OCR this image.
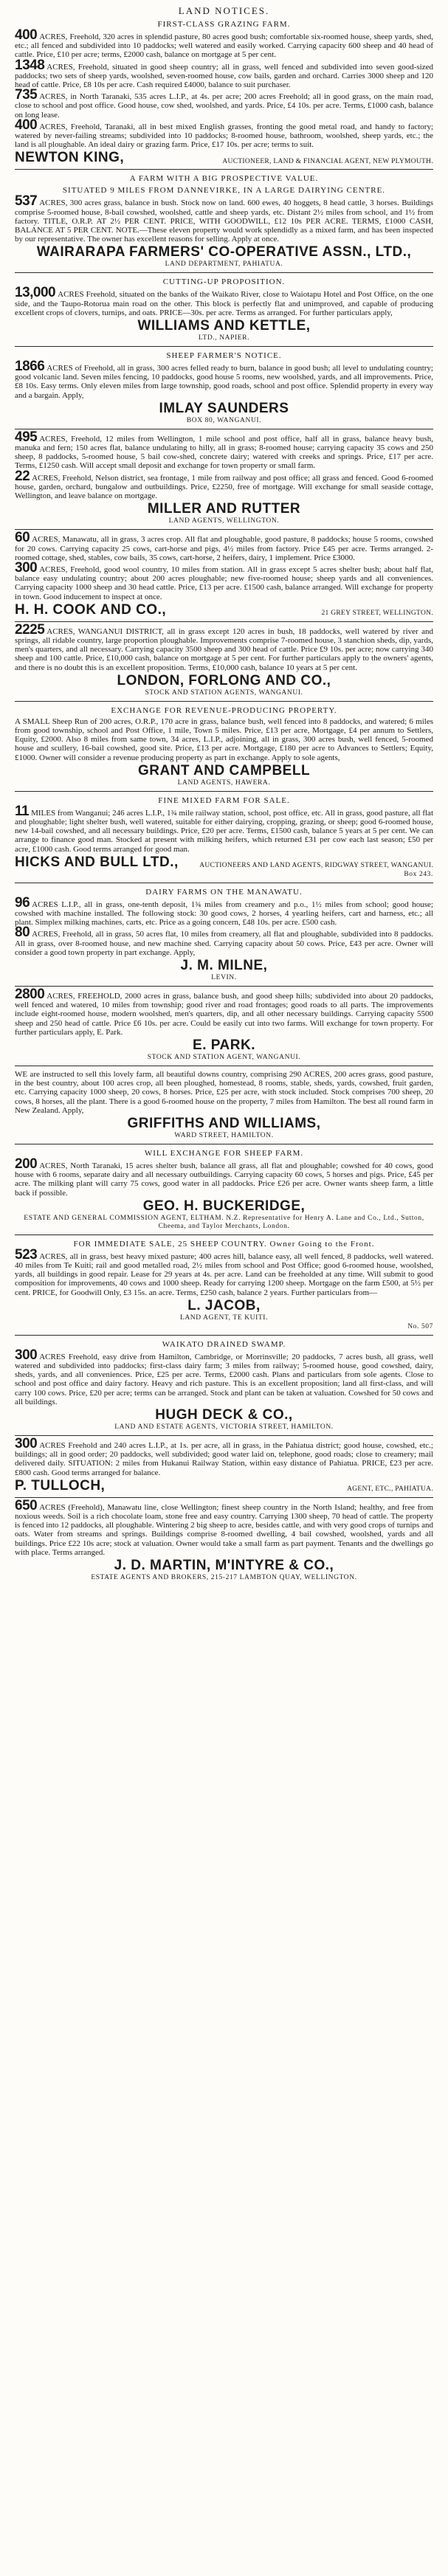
LAND NOTICES.
FIRST-CLASS GRAZING FARM.

400 ACRES, Freehold, 320 acres in splendid pasture, 80 acres good bush; comfortable six-roomed house, sheep yards, shed, etc.; all fenced and subdivided into 10 paddocks; well watered and easily worked. Carrying capacity 600 sheep and 40 head of cattle. Price, £10 per acre; terms, £2000 cash, balance on mortgage at 5 per cent.

1348 ACRES, Freehold, situated in good sheep country; all in grass, well fenced and subdivided into seven good-sized paddocks; two sets of sheep yards, woolshed, seven-roomed house, cow bails, garden and orchard. Carries 3000 sheep and 120 head of cattle. Price, £8 10s per acre. Cash required £4000, balance to suit purchaser.

735 ACRES, in North Taranaki, 535 acres L.I.P., at 4s. per acre; 200 acres Freehold; all in good grass, on the main road, close to school and post office. Good house, cow shed, woolshed, and yards. Price, £4 10s. per acre. Terms, £1000 cash, balance on long lease.

400 ACRES, Freehold, Taranaki, all in best mixed English grasses, fronting the good metal road, and handy to factory; watered by never-failing streams; subdivided into 10 paddocks; 8-roomed house, bathroom, woolshed, sheep yards, etc.; the land is all ploughable. An ideal dairy or grazing farm. Price, £17 10s. per acre; terms to suit.

NEWTON KING,	AUCTIONEER, LAND & FINANCIAL AGENT, NEW PLYMOUTH.
A FARM WITH A BIG PROSPECTIVE VALUE.
SITUATED 9 MILES FROM DANNEVIRKE, IN A LARGE DAIRYING CENTRE.

537 ACRES, 300 acres grass, balance in bush. Stock now on land. 600 ewes, 40 hoggets, 8 head cattle, 3 horses. Buildings comprise 5-roomed house, 8-bail cowshed, woolshed, cattle and sheep yards, etc. Distant 2½ miles from school, and 1½ from factory. TITLE, O.R.P. AT 2½ PER CENT. PRICE, WITH GOODWILL, £12 10s PER ACRE. TERMS, £1000 CASH, BALANCE AT 5 PER CENT. NOTE.—These eleven property would work splendidly as a mixed farm, and has been inspected by our representative. The owner has excellent reasons for selling. Apply at once.

WAIRARAPA FARMERS' CO-OPERATIVE ASSN., LTD.,
LAND DEPARTMENT, PAHIATUA.
CUTTING-UP PROPOSITION.

13,000 ACRES Freehold, situated on the banks of the Waikato River, close to Waiotapu Hotel and Post Office, on the one side, and the Taupo-Rotorua main road on the other. This block is perfectly flat and unimproved, and capable of producing excellent crops of clovers, turnips, and oats. PRICE—30s. per acre. Terms as arranged. For further particulars apply,

WILLIAMS AND KETTLE,
LTD., NAPIER.
SHEEP FARMER'S NOTICE.

1866 ACRES of Freehold, all in grass, 300 acres felled ready to burn, balance in good bush; all level to undulating country; good volcanic land. Seven miles fencing, 10 paddocks, good house 5 rooms, new woolshed, yards, and all improvements. Price, £8 10s. Easy terms. Only eleven miles from large township, good roads, school and post office. Splendid property in every way and a bargain. Apply,

IMLAY SAUNDERS
BOX 80, WANGANUI.

495 ACRES, Freehold, 12 miles from Wellington, 1 mile school and post office, half all in grass, balance heavy bush, manuka and fern; 150 acres flat, balance undulating to hilly, all in grass; 8-roomed house; carrying capacity 35 cows and 250 sheep, 8 paddocks, 5-roomed house, 5 bail cow-shed, concrete dairy; watered with creeks and springs. Price, £17 per acre. Terms, £1250 cash. Will accept small deposit and exchange for town property or small farm.

22 ACRES, Freehold, Nelson district, sea frontage, 1 mile from railway and post office; all grass and fenced. Good 6-roomed house, garden, orchard, bungalow and outbuildings. Price, £2250, free of mortgage. Will exchange for small seaside cottage, Wellington, and leave balance on mortgage.

MILLER AND RUTTER
LAND AGENTS, WELLINGTON.

60 ACRES, Manawatu, all in grass, 3 acres crop. All flat and ploughable, good pasture, 8 paddocks; house 5 rooms, cowshed for 20 cows. Carrying capacity 25 cows, cart-horse and pigs, 4½ miles from factory. Price £45 per acre. Terms arranged. 2-roomed cottage, shed, stables, cow bails, 35 cows, cart-horse, 2 heifers, dairy, 1 implement. Price £3000.

300 ACRES, Freehold, good wool country, 10 miles from station. All in grass except 5 acres shelter bush; about half flat, balance easy undulating country; about 200 acres ploughable; new five-roomed house; sheep yards and all conveniences. Carrying capacity 1000 sheep and 30 head cattle. Price, £13 per acre. £1500 cash, balance arranged. Will exchange for property in town. Good inducement to inspect at once.

H. H. COOK AND CO.,	21 GREY STREET, WELLINGTON.

2225 ACRES, WANGANUI DISTRICT, all in grass except 120 acres in bush, 18 paddocks, well watered by river and springs, all ridable country, large proportion ploughable. Improvements comprise 7-roomed house, 3 stanchion sheds, dip, yards, men's quarters, and all necessary. Carrying capacity 3500 sheep and 300 head of cattle. Price £9 10s. per acre; now carrying 340 sheep and 100 cattle. Price, £10,000 cash, balance on mortgage at 5 per cent. For further particulars apply to the owners' agents, and there is no doubt this is an excellent proposition. Terms, £10,000 cash, balance 10 years at 5 per cent.

LONDON, FORLONG AND CO.,
STOCK AND STATION AGENTS, WANGANUI.
EXCHANGE FOR REVENUE-PRODUCING PROPERTY.

A SMALL Sheep Run of 200 acres, O.R.P., 170 acre in grass, balance bush, well fenced into 8 paddocks, and watered; 6 miles from good township, school and Post Office, 1 mile, Town 5 miles. Price, £13 per acre, Mortgage, £4 per annum to Settlers, Equity, £2000. Also 8 miles from same town, 34 acres, L.I.P., adjoining, all in grass, 300 acres bush, well fenced, 5-roomed house and scullery, 16-bail cowshed, good site. Price, £13 per acre. Mortgage, £180 per acre to Advances to Settlers; Equity, £1000. Owner will consider a revenue producing property as part in exchange. Apply to sole agents,

GRANT AND CAMPBELL
LAND AGENTS, HAWERA.
FINE MIXED FARM FOR SALE.

11 MILES from Wanganui; 246 acres L.I.P., 1¾ mile railway station, school, post office, etc. All in grass, good pasture, all flat and ploughable; light shelter bush, well watered, suitable for either dairying, cropping, grazing, or sheep; good 6-roomed house, new 14-bail cowshed, and all necessary buildings. Price, £20 per acre. Terms, £1500 cash, balance 5 years at 5 per cent. We can arrange to finance good man. Stocked at present with milking heifers, which returned £31 per cow each last season; £50 per acre, £1000 cash. Good terms arranged for good man.

HICKS AND BULL LTD.,	AUCTIONEERS AND LAND AGENTS, RIDGWAY STREET, WANGANUI.
Box 243.
DAIRY FARMS ON THE MANAWATU.

96 ACRES L.I.P., all in grass, one-tenth deposit, 1¾ miles from creamery and p.o., 1½ miles from school; good house; cowshed with machine installed. The following stock: 30 good cows, 2 horses, 4 yearling heifers, cart and harness, etc.; all plant. Simplex milking machines, carts, etc. Price as a going concern, £48 10s. per acre. £500 cash.

80 ACRES, Freehold, all in grass, 50 acres flat, 10 miles from creamery, all flat and ploughable, subdivided into 8 paddocks. All in grass, over 8-roomed house, and new machine shed. Carrying capacity about 50 cows. Price, £43 per acre. Owner will consider a good town property in part exchange. Apply,

J. M. MILNE,
LEVIN.

2800 ACRES, FREEHOLD, 2000 acres in grass, balance bush, and good sheep hills; subdivided into about 20 paddocks, well fenced and watered, 10 miles from township; good river and road frontages; good roads to all parts. The improvements include eight-roomed house, modern woolshed, men's quarters, dip, and all other necessary buildings. Carrying capacity 5500 sheep and 250 head of cattle. Price £6 10s. per acre. Could be easily cut into two farms. Will exchange for town property. For further particulars apply, E. Park.

E. PARK.
STOCK AND STATION AGENT, WANGANUI.

WE are instructed to sell this lovely farm, all beautiful downs country, comprising 290 ACRES, 200 acres grass, good pasture, in the best country, about 100 acres crop, all been ploughed, homestead, 8 rooms, stable, sheds, yards, cowshed, fruit garden, etc. Carrying capacity 1000 sheep, 20 cows, 8 horses. Price, £25 per acre, with stock included. Stock comprises 700 sheep, 20 cows, 8 horses, all the plant. There is a good 6-roomed house on the property, 7 miles from Hamilton. The best all round farm in New Zealand. Apply,

GRIFFITHS AND WILLIAMS,
WARD STREET, HAMILTON.
WILL EXCHANGE FOR SHEEP FARM.

200 ACRES, North Taranaki, 15 acres shelter bush, balance all grass, all flat and ploughable; cowshed for 40 cows, good house with 6 rooms, separate dairy and all necessary outbuildings. Carrying capacity 60 cows, 5 horses and pigs. Price, £45 per acre. The milking plant will carry 75 cows, good water in all paddocks. Price £26 per acre. Owner wants sheep farm, a little back if possible.

GEO. H. BUCKERIDGE,
ESTATE AND GENERAL COMMISSION AGENT, ELTHAM. N.Z. Representative for Henry A. Lane and Co., Ltd., Sutton, Cheema, and Taylor Merchants, London.
FOR IMMEDIATE SALE, 25 SHEEP COUNTRY. Owner Going to the Front.

523 ACRES, all in grass, best heavy mixed pasture; 400 acres hill, balance easy, all well fenced, 8 paddocks, well watered. 40 miles from Te Kuiti; rail and good metalled road, 2½ miles from school and Post Office; good 6-roomed house, woolshed, yards, all buildings in good repair. Lease for 29 years at 4s. per acre. Land can be freeholded at any time. Will submit to good composition for improvements, 40 cows and 1000 sheep. Ready for carrying 1200 sheep. Mortgage on the farm £500, at 5½ per cent. PRICE, for Goodwill Only, £3 15s. an acre. Terms, £250 cash, balance 2 years. Further particulars from—

L. JACOB,
LAND AGENT, TE KUITI.
No. 507
WAIKATO DRAINED SWAMP.

300 ACRES Freehold, easy drive from Hamilton, Cambridge, or Morrinsville; 20 paddocks, 7 acres bush, all grass, well watered and subdivided into paddocks; first-class dairy farm; 3 miles from railway; 5-roomed house, good cowshed, dairy, sheds, yards, and all conveniences. Price, £25 per acre. Terms, £2000 cash. Plans and particulars from sole agents. Close to school and post office and dairy factory. Heavy and rich pasture. This is an excellent proposition; land all first-class, and will carry 100 cows. Price, £20 per acre; terms can be arranged. Stock and plant can be taken at valuation. Cowshed for 50 cows and all buildings.

HUGH DECK & CO.,
LAND AND ESTATE AGENTS, VICTORIA STREET, HAMILTON.

300 ACRES Freehold and 240 acres L.I.P., at 1s. per acre, all in grass, in the Pahiatua district; good house, cowshed, etc.; buildings; all in good order; 20 paddocks, well subdivided; good water laid on, telephone, good roads; close to creamery; mail delivered daily. SITUATION: 2 miles from Hukanui Railway Station, within easy distance of Pahiatua. PRICE, £23 per acre. £800 cash. Good terms arranged for balance.

P. TULLOCH,	AGENT, ETC., PAHIATUA.

650 ACRES (Freehold), Manawatu line, close Wellington; finest sheep country in the North Island; healthy, and free from noxious weeds. Soil is a rich chocolate loam, stone free and easy country. Carrying 1300 sheep, 70 head of cattle. The property is fenced into 12 paddocks, all ploughable. Wintering 2 big sheep to acre, besides cattle, and with very good crops of turnips and oats. Water from streams and springs. Buildings comprise 8-roomed dwelling, 4 bail cowshed, woolshed, yards and all buildings. Price £22 10s acre; stock at valuation. Owner would take a small farm as part payment. Tenants and the dwellings go with place. Terms arranged.

J. D. MARTIN, M'INTYRE & CO.,
ESTATE AGENTS AND BROKERS, 215-217 LAMBTON QUAY, WELLINGTON.
